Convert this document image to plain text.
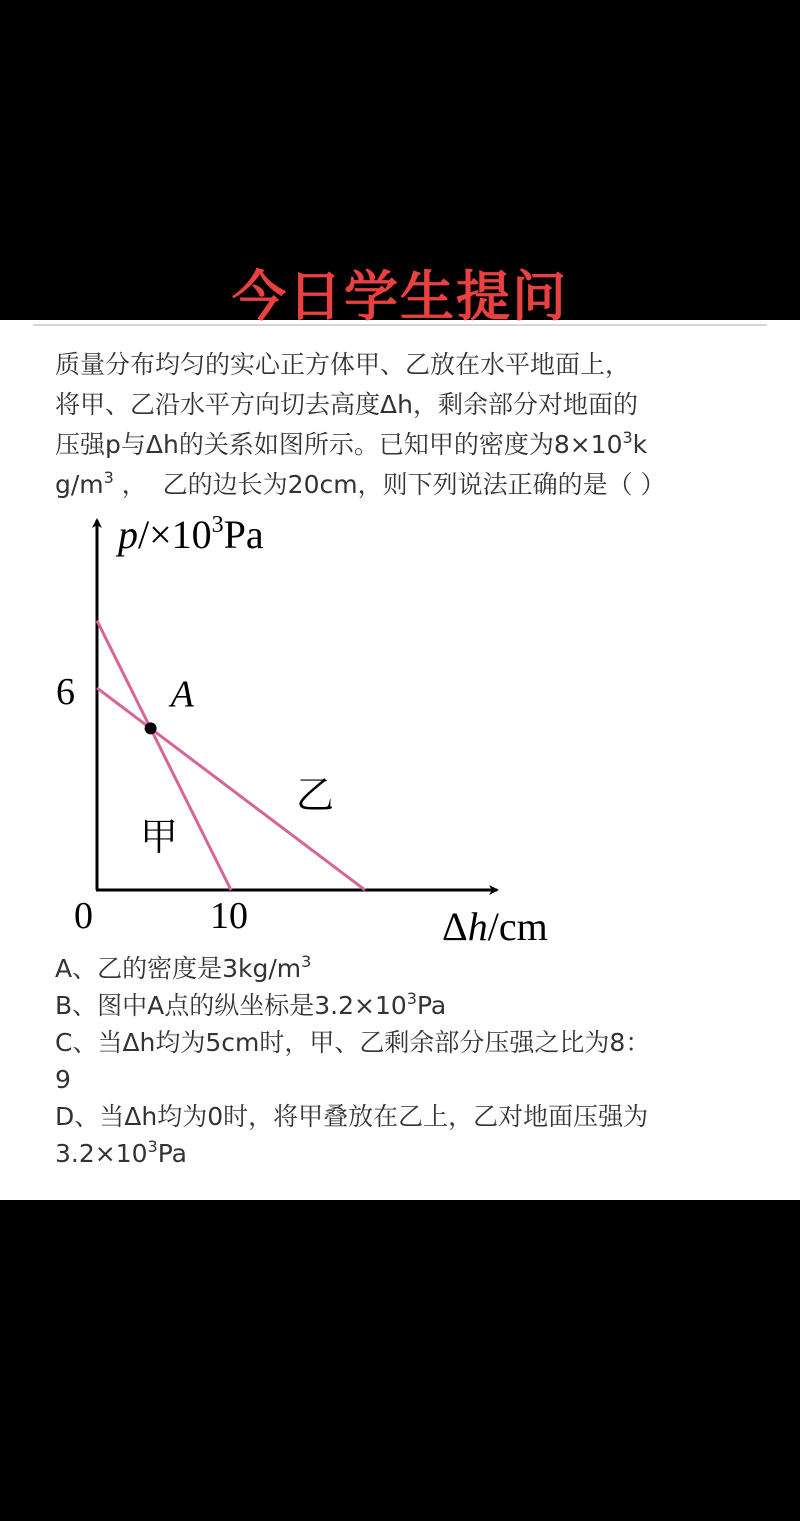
今日学生提问
质量分布均匀的实心正方体甲、乙放在水平地面上，
将甲、乙沿水平方向切去高度Δh，剩余部分对地面的
压强p与Δh的关系如图所示。已知甲的密度为$8\times 10^3k$
$g/m^3$ ，  乙的边长为20cm，则下列说法正确的是（ ）
A
甲
乙
6
0	10
$p/\times 10^3Pa$
Δh/cm
A、乙的密度是$3kg/m^3$
B、图中A点的纵坐标是$3.2\times 10^3Pa$
C、当Δh均为5cm时，甲、乙剩余部分压强之比为8：
9
D、当Δh均为0时，将甲叠放在乙上，乙对地面压强为
$3.2\times 10^3Pa$
